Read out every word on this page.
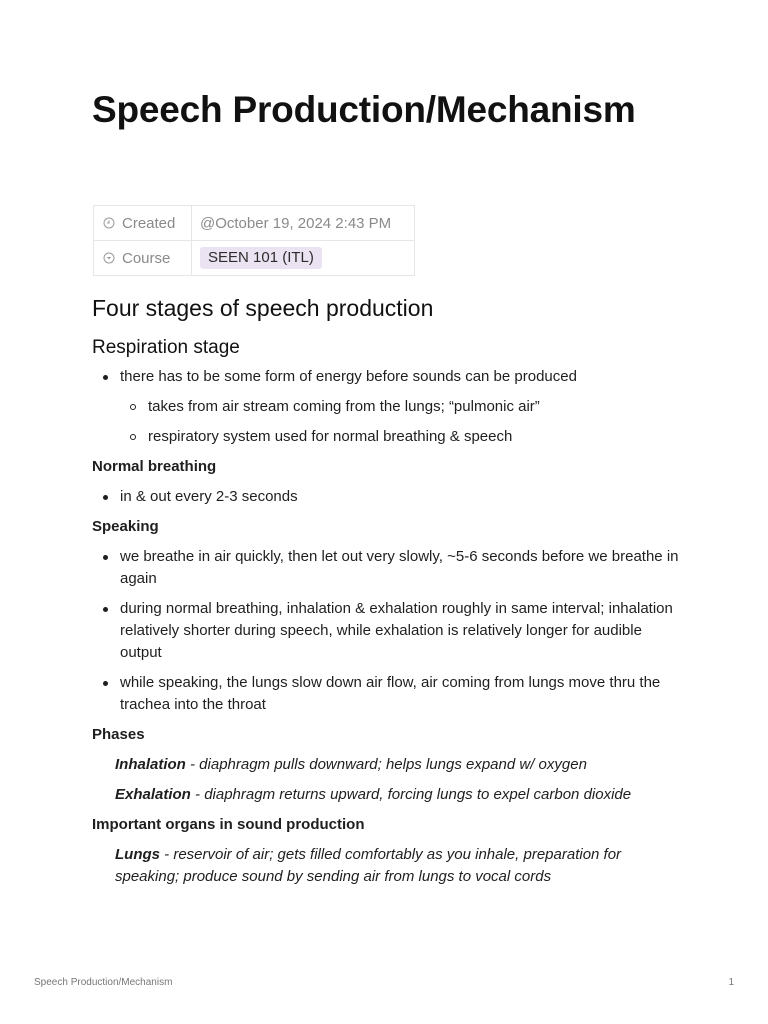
Speech Production/Mechanism
Created	@October 19, 2024 2:43 PM
Course	SEEN 101 (ITL)
Four stages of speech production
Respiration stage
there has to be some form of energy before sounds can be produced
takes from air stream coming from the lungs; “pulmonic air”
respiratory system used for normal breathing & speech
Normal breathing
in & out every 2-3 seconds
Speaking
we breathe in air quickly, then let out very slowly, ~5-6 seconds before we breathe in again
during normal breathing, inhalation & exhalation roughly in same interval; inhalation relatively shorter during speech, while exhalation is relatively longer for audible output
while speaking, the lungs slow down air flow, air coming from lungs move thru the trachea into the throat
Phases

Inhalation - diaphragm pulls downward; helps lungs expand w/ oxygen

Exhalation - diaphragm returns upward, forcing lungs to expel carbon dioxide

Important organs in sound production

Lungs - reservoir of air; gets filled comfortably as you inhale, preparation for speaking; produce sound by sending air from lungs to vocal cords

Speech Production/Mechanism	1
